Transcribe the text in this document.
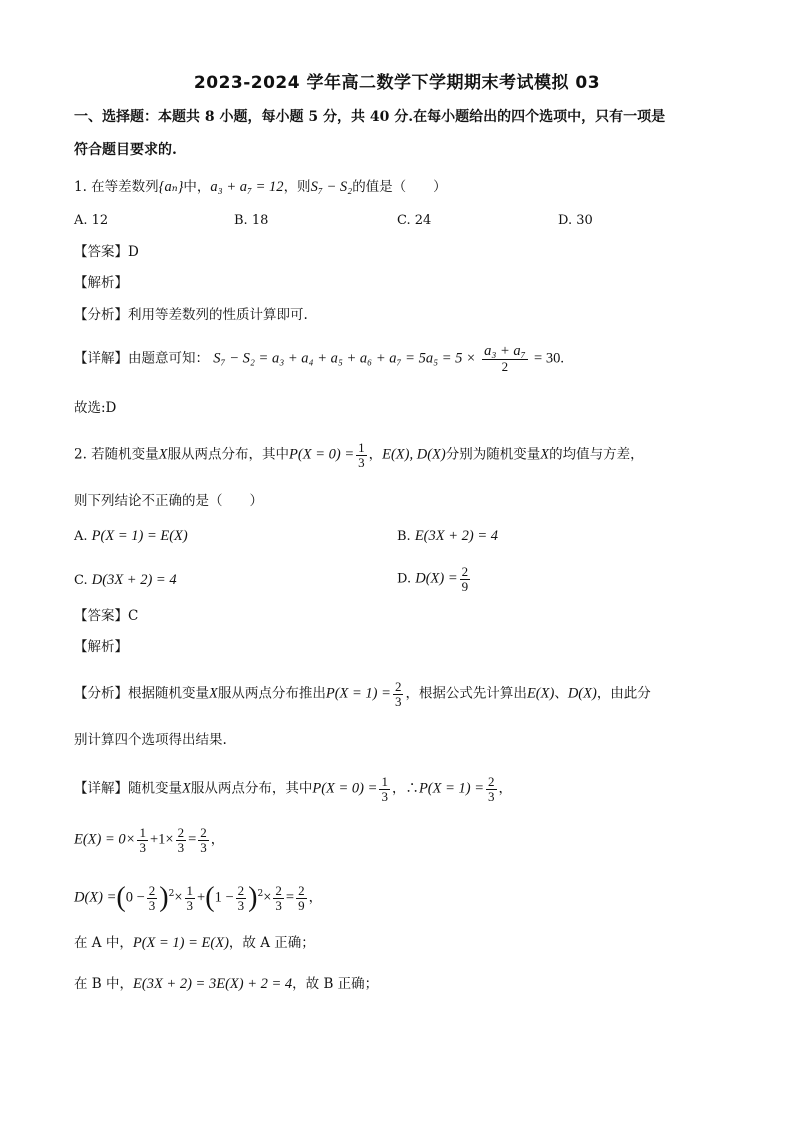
2023-2024 学年高二数学下学期期末考试模拟 03
一、选择题：本题共 8 小题，每小题 5 分，共 40 分.在每小题给出的四个选项中，只有一项是
符合题目要求的.
1. 在等差数列{aₙ}中，a₃ + a₇ = 12，则S₇ − S₂的值是（　　）
A. 12	B. 18	C. 24	D. 30
【答案】D
【解析】
【分析】利用等差数列的性质计算即可.
【详解】由题意可知： $S_7 - S_2 = a_3 + a_4 + a_5 + a_6 + a_7 = 5a_5 = 5 \times \frac{\text{a₃ + a₇}}{2} = 30$.
故选:D
2. 若随机变量X服从两点分布，其中$P(X = 0) = \frac{1}{3}$ ，E(X), D(X)分别为随机变量X的均值与方差，
则下列结论不正确的是（　　）
A. P(X = 1) = E(X)	B. E(3X + 2) = 4
C. D(3X + 2) = 4	D. $D(X) = \frac{2}{9}$
【答案】C
【解析】
【分析】根据随机变量X服从两点分布推出$P(X = 1) = \frac{2}{3}$ ，根据公式先计算出E(X)、D(X)，由此分
别计算四个选项得出结果.
【详解】随机变量X服从两点分布，其中$P(X = 0) = \frac{1}{3}$ ，∴P(X = $1) = \frac{2}{3}$ ，
$E(X) = 0\times \frac{1}{3} +1\times \frac{2}{3} = \frac{2}{3}$ ，
$D(X) =(0 - \frac{2}{3} )^2\times \frac{1}{3} +(1 - \frac{2}{3} )^2\times \frac{2}{3} = \frac{2}{9}$ ，
在 A 中，P(X = 1) = E(X)，故 A 正确；
在 B 中，E(3X + 2) = 3E(X) + 2 = 4，故 B 正确；
